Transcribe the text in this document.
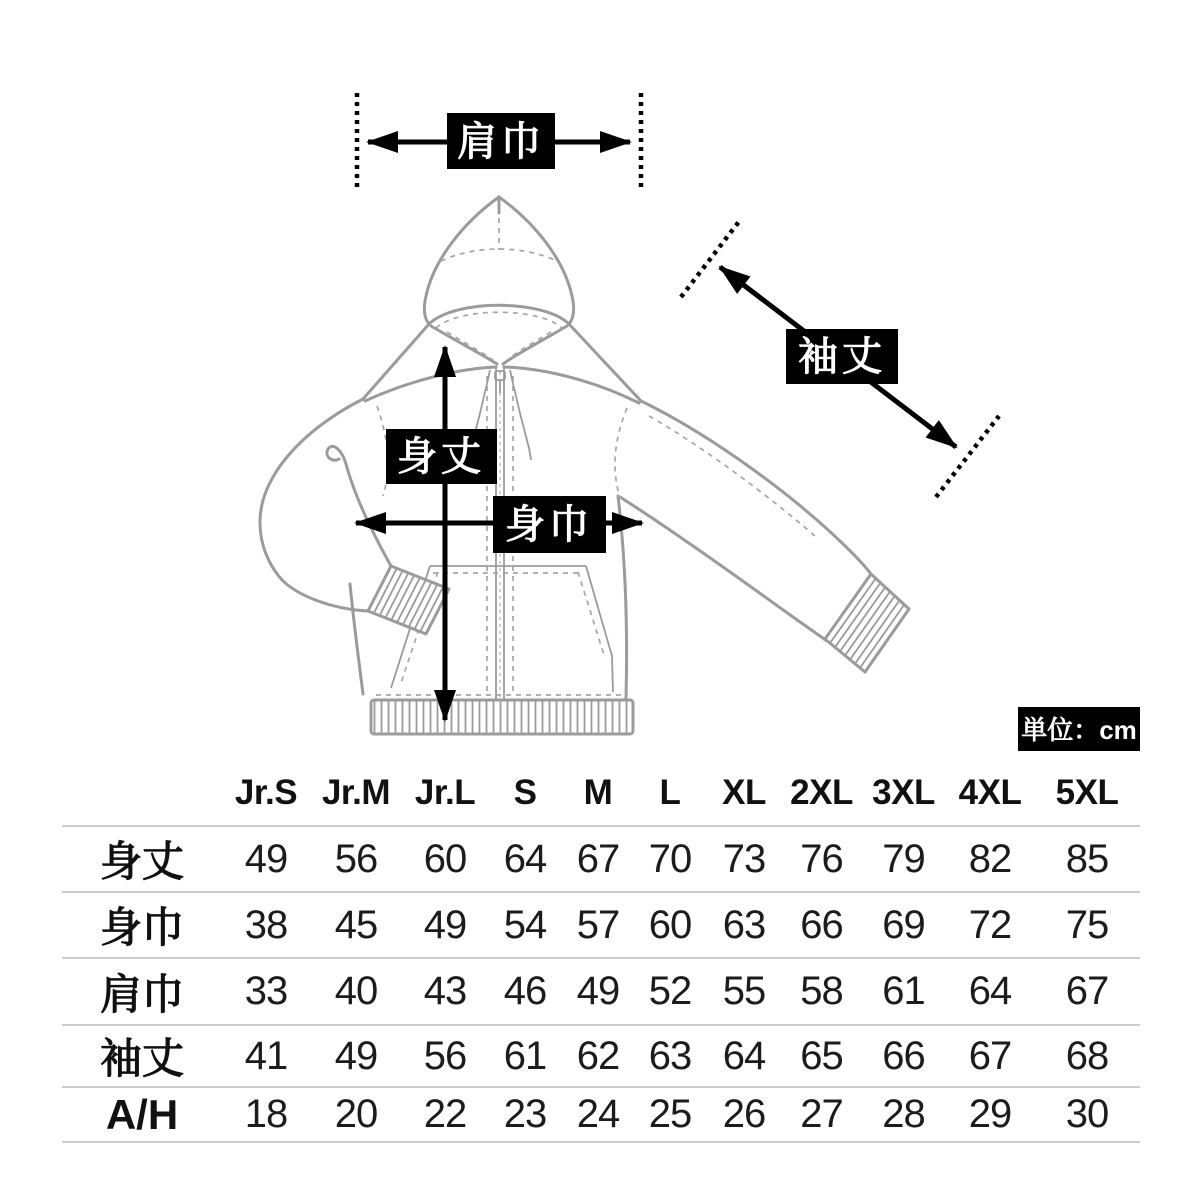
肩巾
身丈
身巾
袖丈
単位：cm
	Jr.S	Jr.M	Jr.L	S	M	L	XL	2XL	3XL	4XL	5XL
身丈	49	56	60	64	67	70	73	76	79	82	85
身巾	38	45	49	54	57	60	63	66	69	72	75
肩巾	33	40	43	46	49	52	55	58	61	64	67
袖丈	41	49	56	61	62	63	64	65	66	67	68
A/H	18	20	22	23	24	25	26	27	28	29	30
